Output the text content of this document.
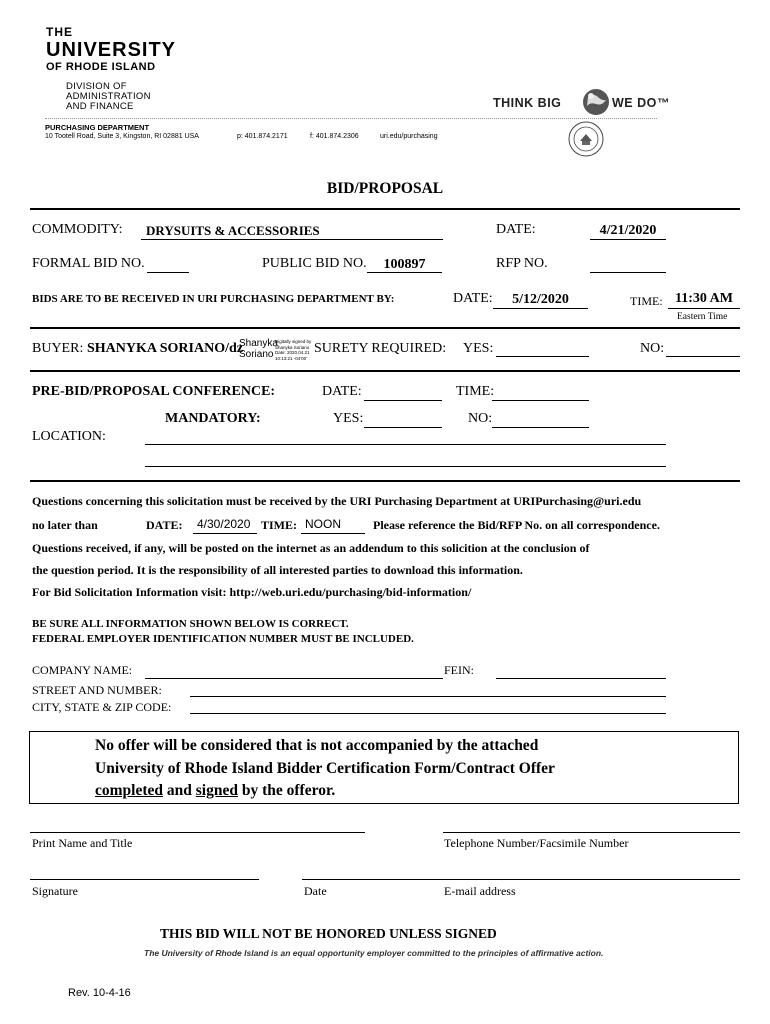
THE
UNIVERSITY
OF RHODE ISLAND
DIVISION OF
ADMINISTRATION
AND FINANCE
PURCHASING DEPARTMENT
10 Tootell Road, Suite 3, Kingston, RI 02881 USA	p: 401.874.2171	f: 401.874.2306	uri.edu/purchasing
THINK BIG	WE DO™
BID/PROPOSAL
COMMODITY: DRYSUITS & ACCESSORIES	DATE:	4/21/2020
FORMAL BID NO.	PUBLIC BID NO.	100897	RFP NO.
BIDS ARE TO BE RECEIVED IN URI PURCHASING DEPARTMENT BY:	DATE:	5/12/2020	TIME: 11:30 AM
Eastern Time
BUYER: SHANYKA SORIANO/dz
Shanyka
Soriano
Digitally signed by
Shanyka Soriano
Date: 2020.04.21
10:13:21 -04'00'
SURETY REQUIRED: YES:	NO:
PRE-BID/PROPOSAL CONFERENCE:	DATE:	TIME:
MANDATORY:	YES:	NO:
LOCATION:
Questions concerning this solicitation must be received by the URI Purchasing Department at URIPurchasing@uri.edu
no later than	DATE: 4/30/2020 TIME: NOON	Please reference the Bid/RFP No. on all correspondence.
Questions received, if any, will be posted on the internet as an addendum to this solicition at the conclusion of
the question period. It is the responsibility of all interested parties to download this information.
For Bid Solicitation Information visit: http://web.uri.edu/purchasing/bid-information/
BE SURE ALL INFORMATION SHOWN BELOW IS CORRECT.
FEDERAL EMPLOYER IDENTIFICATION NUMBER MUST BE INCLUDED.
COMPANY NAME:	FEIN:
STREET AND NUMBER:
CITY, STATE & ZIP CODE:
No offer will be considered that is not accompanied by the attached
University of Rhode Island Bidder Certification Form/Contract Offer
completed and signed by the offeror.
Print Name and Title	Telephone Number/Facsimile Number
Signature	Date	E-mail address
THIS BID WILL NOT BE HONORED UNLESS SIGNED
The University of Rhode Island is an equal opportunity employer committed to the principles of affirmative action.
Rev. 10-4-16
